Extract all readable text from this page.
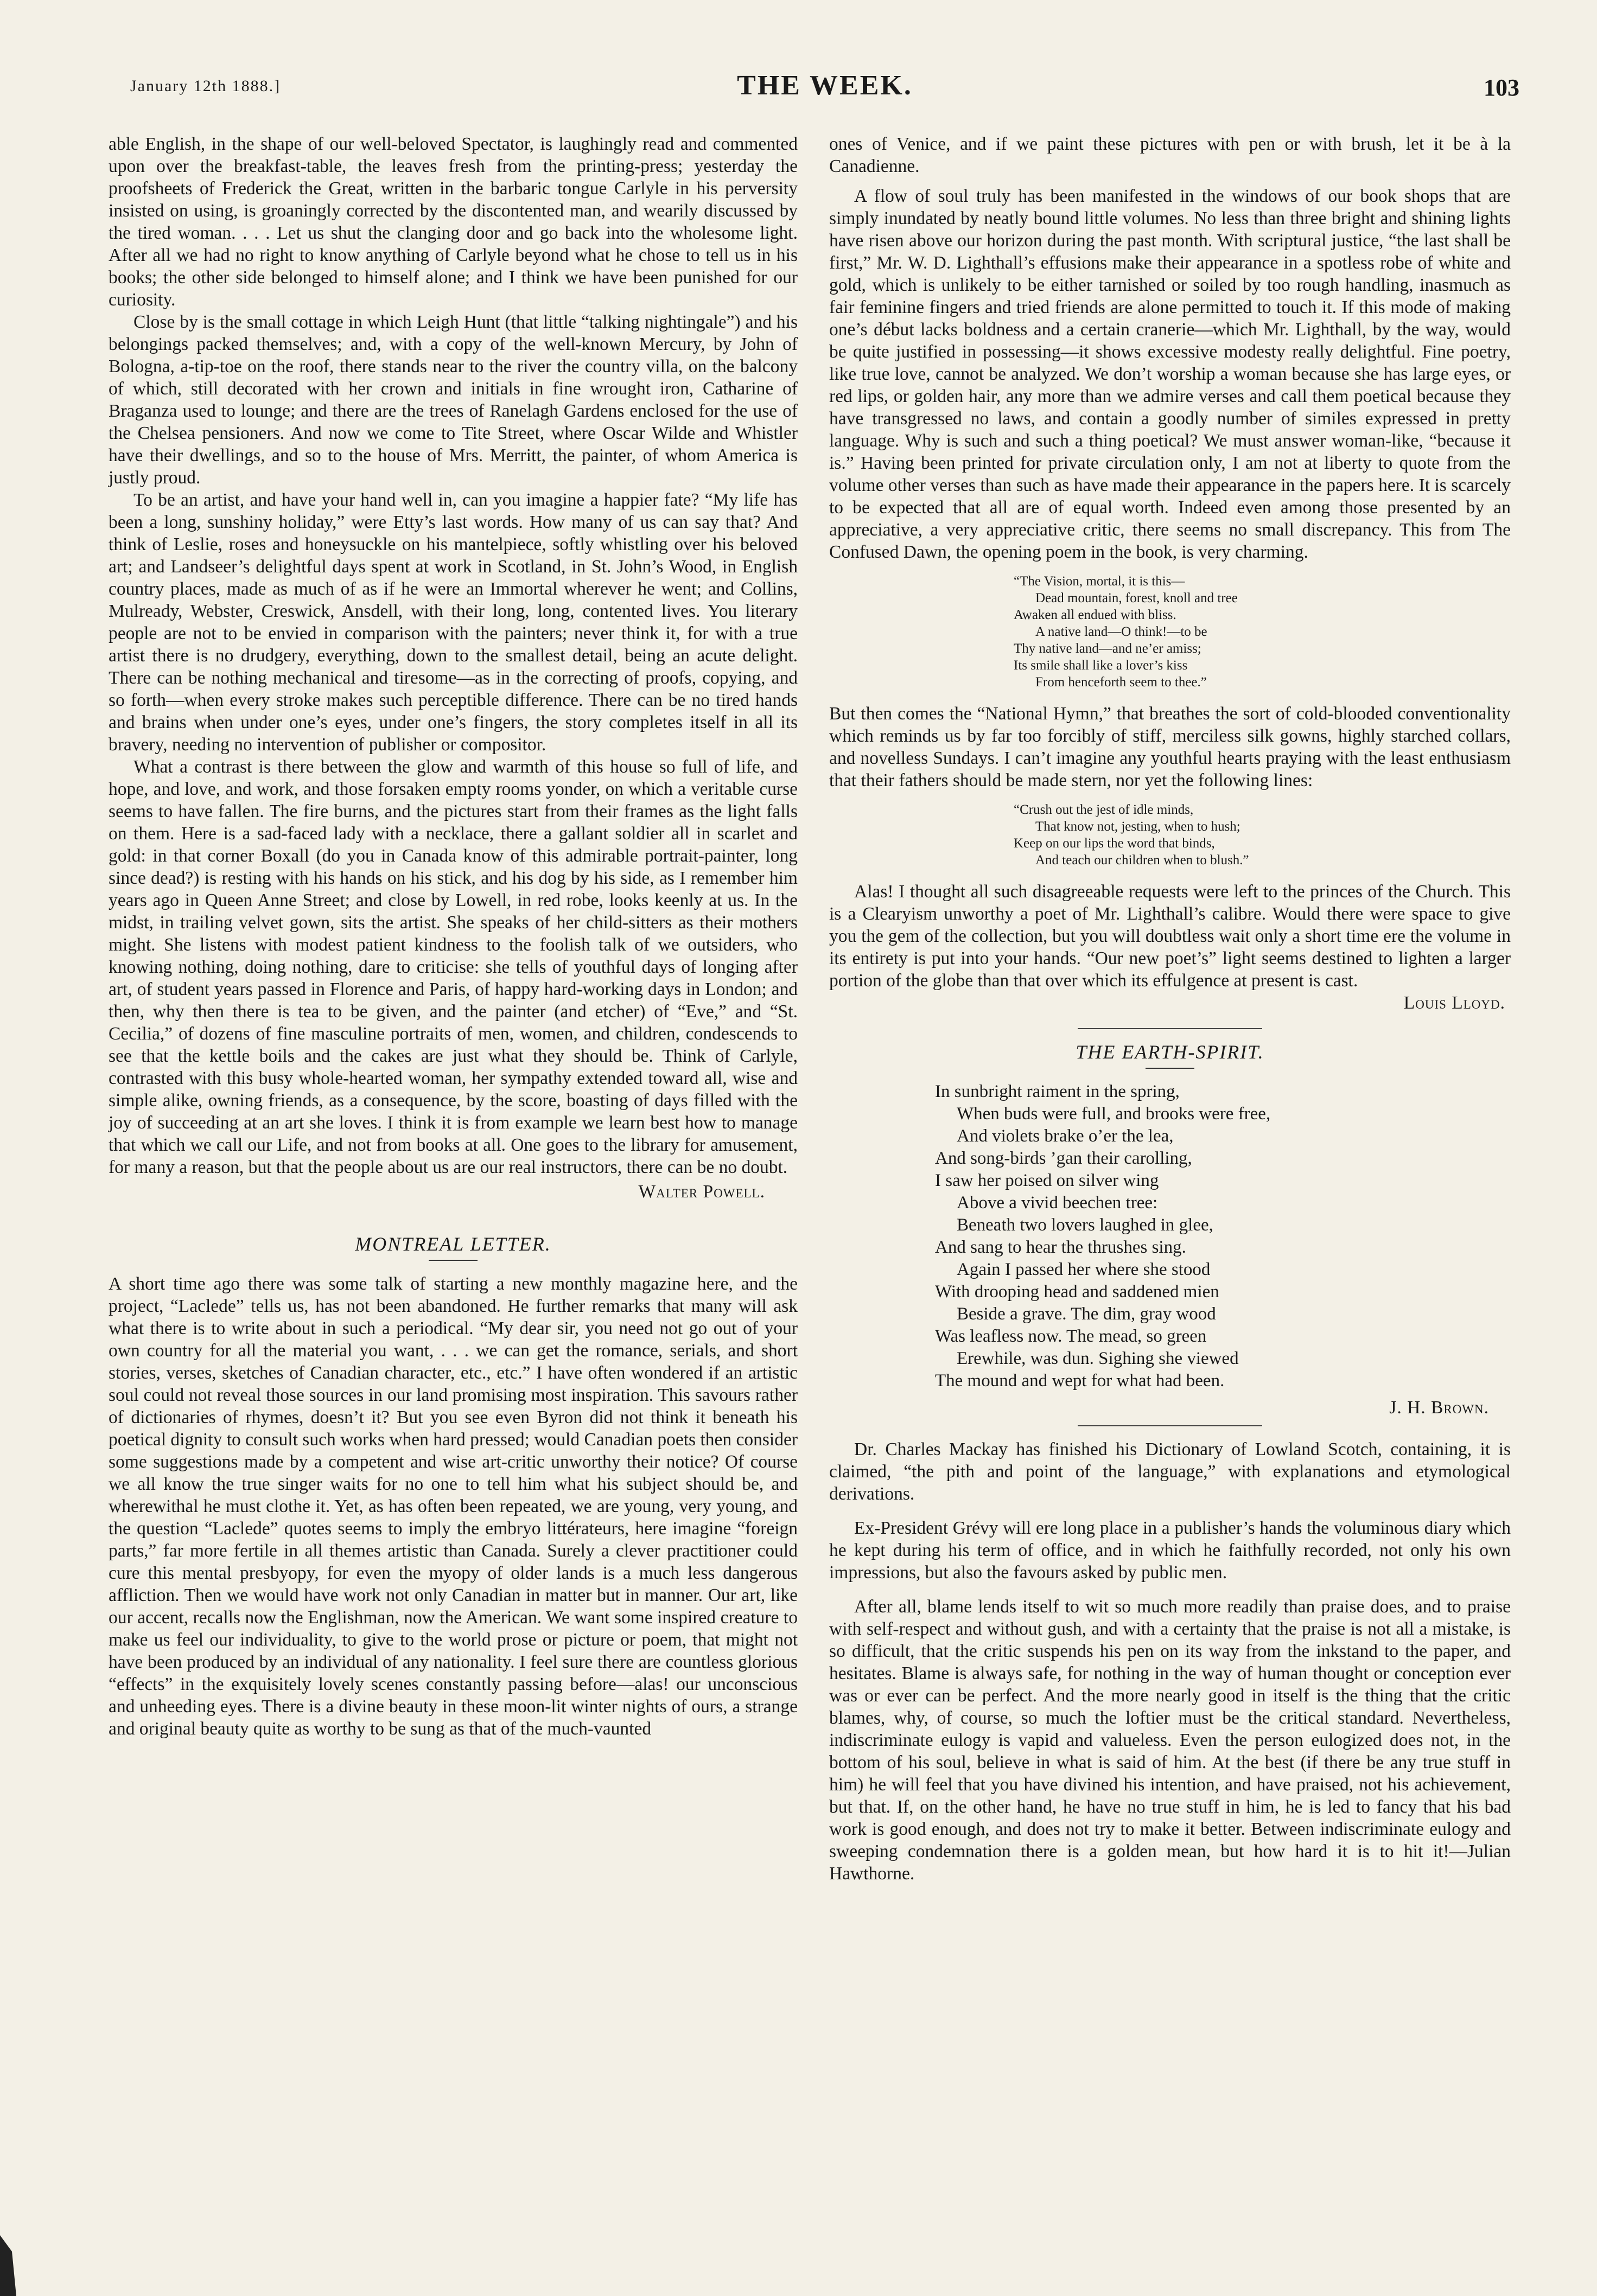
January 12th 1888.]	THE WEEK.	103

able English, in the shape of our well-beloved Spectator, is laughingly read and commented upon over the breakfast-table, the leaves fresh from the printing-press; yesterday the proofsheets of Frederick the Great, written in the barbaric tongue Carlyle in his perversity insisted on using, is groaningly corrected by the discontented man, and wearily discussed by the tired woman. . . . Let us shut the clanging door and go back into the wholesome light. After all we had no right to know anything of Carlyle beyond what he chose to tell us in his books; the other side belonged to himself alone; and I think we have been punished for our curiosity.

Close by is the small cottage in which Leigh Hunt (that little “talking nightingale”) and his belongings packed themselves; and, with a copy of the well-known Mercury, by John of Bologna, a-tip-toe on the roof, there stands near to the river the country villa, on the balcony of which, still decorated with her crown and initials in fine wrought iron, Catharine of Braganza used to lounge; and there are the trees of Ranelagh Gardens enclosed for the use of the Chelsea pensioners. And now we come to Tite Street, where Oscar Wilde and Whistler have their dwellings, and so to the house of Mrs. Merritt, the painter, of whom America is justly proud.

To be an artist, and have your hand well in, can you imagine a happier fate? “My life has been a long, sunshiny holiday,” were Etty’s last words. How many of us can say that? And think of Leslie, roses and honeysuckle on his mantelpiece, softly whistling over his beloved art; and Landseer’s delightful days spent at work in Scotland, in St. John’s Wood, in English country places, made as much of as if he were an Immortal wherever he went; and Collins, Mulready, Webster, Creswick, Ansdell, with their long, long, contented lives. You literary people are not to be envied in comparison with the painters; never think it, for with a true artist there is no drudgery, everything, down to the smallest detail, being an acute delight. There can be nothing mechanical and tiresome—as in the correcting of proofs, copying, and so forth—when every stroke makes such perceptible difference. There can be no tired hands and brains when under one’s eyes, under one’s fingers, the story completes itself in all its bravery, needing no intervention of publisher or compositor.

What a contrast is there between the glow and warmth of this house so full of life, and hope, and love, and work, and those forsaken empty rooms yonder, on which a veritable curse seems to have fallen. The fire burns, and the pictures start from their frames as the light falls on them. Here is a sad-faced lady with a necklace, there a gallant soldier all in scarlet and gold: in that corner Boxall (do you in Canada know of this admirable portrait-painter, long since dead?) is resting with his hands on his stick, and his dog by his side, as I remember him years ago in Queen Anne Street; and close by Lowell, in red robe, looks keenly at us. In the midst, in trailing velvet gown, sits the artist. She speaks of her child-sitters as their mothers might. She listens with modest patient kindness to the foolish talk of we outsiders, who knowing nothing, doing nothing, dare to criticise: she tells of youthful days of longing after art, of student years passed in Florence and Paris, of happy hard-working days in London; and then, why then there is tea to be given, and the painter (and etcher) of “Eve,” and “St. Cecilia,” of dozens of fine masculine portraits of men, women, and children, condescends to see that the kettle boils and the cakes are just what they should be. Think of Carlyle, contrasted with this busy whole-hearted woman, her sympathy extended toward all, wise and simple alike, owning friends, as a consequence, by the score, boasting of days filled with the joy of succeeding at an art she loves. I think it is from example we learn best how to manage that which we call our Life, and not from books at all. One goes to the library for amusement, for many a reason, but that the people about us are our real instructors, there can be no doubt.

Walter Powell.
MONTREAL LETTER.

A short time ago there was some talk of starting a new monthly magazine here, and the project, “Laclede” tells us, has not been abandoned. He further remarks that many will ask what there is to write about in such a periodical. “My dear sir, you need not go out of your own country for all the material you want, . . . we can get the romance, serials, and short stories, verses, sketches of Canadian character, etc., etc.” I have often wondered if an artistic soul could not reveal those sources in our land promising most inspiration. This savours rather of dictionaries of rhymes, doesn’t it? But you see even Byron did not think it beneath his poetical dignity to consult such works when hard pressed; would Canadian poets then consider some suggestions made by a competent and wise art-critic unworthy their notice? Of course we all know the true singer waits for no one to tell him what his subject should be, and wherewithal he must clothe it. Yet, as has often been repeated, we are young, very young, and the question “Laclede” quotes seems to imply the embryo littérateurs, here imagine “foreign parts,” far more fertile in all themes artistic than Canada. Surely a clever practitioner could cure this mental presbyopy, for even the myopy of older lands is a much less dangerous affliction. Then we would have work not only Canadian in matter but in manner. Our art, like our accent, recalls now the Englishman, now the American. We want some inspired creature to make us feel our individuality, to give to the world prose or picture or poem, that might not have been produced by an individual of any nationality. I feel sure there are countless glorious “effects” in the exquisitely lovely scenes constantly passing before—alas! our unconscious and unheeding eyes. There is a divine beauty in these moon-lit winter nights of ours, a strange and original beauty quite as worthy to be sung as that of the much-vaunted

ones of Venice, and if we paint these pictures with pen or with brush, let it be à la Canadienne.

A flow of soul truly has been manifested in the windows of our book shops that are simply inundated by neatly bound little volumes. No less than three bright and shining lights have risen above our horizon during the past month. With scriptural justice, “the last shall be first,” Mr. W. D. Lighthall’s effusions make their appearance in a spotless robe of white and gold, which is unlikely to be either tarnished or soiled by too rough handling, inasmuch as fair feminine fingers and tried friends are alone permitted to touch it. If this mode of making one’s début lacks boldness and a certain cranerie—which Mr. Lighthall, by the way, would be quite justified in possessing—it shows excessive modesty really delightful. Fine poetry, like true love, cannot be analyzed. We don’t worship a woman because she has large eyes, or red lips, or golden hair, any more than we admire verses and call them poetical because they have transgressed no laws, and contain a goodly number of similes expressed in pretty language. Why is such and such a thing poetical? We must answer woman-like, “because it is.” Having been printed for private circulation only, I am not at liberty to quote from the volume other verses than such as have made their appearance in the papers here. It is scarcely to be expected that all are of equal worth. Indeed even among those presented by an appreciative, a very appreciative critic, there seems no small discrepancy. This from The Confused Dawn, the opening poem in the book, is very charming.

“The Vision, mortal, it is this—
Dead mountain, forest, knoll and tree
Awaken all endued with bliss.
A native land—O think!—to be
Thy native land—and ne’er amiss;
Its smile shall like a lover’s kiss
From henceforth seem to thee.”

But then comes the “National Hymn,” that breathes the sort of cold-blooded conventionality which reminds us by far too forcibly of stiff, merciless silk gowns, highly starched collars, and novelless Sundays. I can’t imagine any youthful hearts praying with the least enthusiasm that their fathers should be made stern, nor yet the following lines:

“Crush out the jest of idle minds,
That know not, jesting, when to hush;
Keep on our lips the word that binds,
And teach our children when to blush.”

Alas! I thought all such disagreeable requests were left to the princes of the Church. This is a Clearyism unworthy a poet of Mr. Lighthall’s calibre. Would there were space to give you the gem of the collection, but you will doubtless wait only a short time ere the volume in its entirety is put into your hands. “Our new poet’s” light seems destined to lighten a larger portion of the globe than that over which its effulgence at present is cast.

Louis Lloyd.
THE EARTH-SPIRIT.
In sunbright raiment in the spring,
When buds were full, and brooks were free,
And violets brake o’er the lea,
And song-birds ’gan their carolling,
I saw her poised on silver wing
Above a vivid beechen tree:
Beneath two lovers laughed in glee,
And sang to hear the thrushes sing.
Again I passed her where she stood
With drooping head and saddened mien
Beside a grave. The dim, gray wood
Was leafless now. The mead, so green
Erewhile, was dun. Sighing she viewed
The mound and wept for what had been.
J. H. Brown.

Dr. Charles Mackay has finished his Dictionary of Lowland Scotch, containing, it is claimed, “the pith and point of the language,” with explanations and etymological derivations.

Ex-President Grévy will ere long place in a publisher’s hands the voluminous diary which he kept during his term of office, and in which he faithfully recorded, not only his own impressions, but also the favours asked by public men.

After all, blame lends itself to wit so much more readily than praise does, and to praise with self-respect and without gush, and with a certainty that the praise is not all a mistake, is so difficult, that the critic suspends his pen on its way from the inkstand to the paper, and hesitates. Blame is always safe, for nothing in the way of human thought or conception ever was or ever can be perfect. And the more nearly good in itself is the thing that the critic blames, why, of course, so much the loftier must be the critical standard. Nevertheless, indiscriminate eulogy is vapid and valueless. Even the person eulogized does not, in the bottom of his soul, believe in what is said of him. At the best (if there be any true stuff in him) he will feel that you have divined his intention, and have praised, not his achievement, but that. If, on the other hand, he have no true stuff in him, he is led to fancy that his bad work is good enough, and does not try to make it better. Between indiscriminate eulogy and sweeping condemnation there is a golden mean, but how hard it is to hit it!—Julian Hawthorne.
